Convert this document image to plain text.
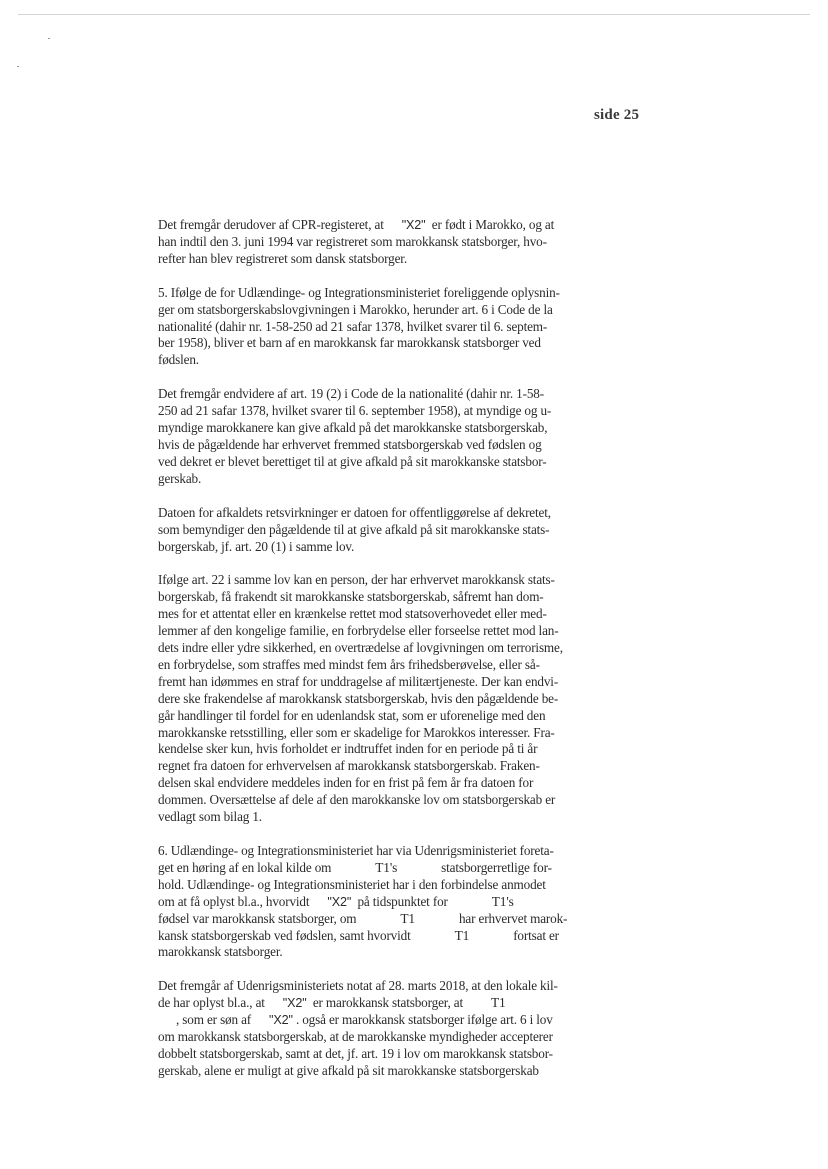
side 25

Det fremgår derudover af CPR-registeret, at "X2" er født i Marokko, og at
han indtil den 3. juni 1994 var registreret som marokkansk statsborger, hvo-
refter han blev registreret som dansk statsborger.

5. Ifølge de for Udlændinge- og Integrationsministeriet foreliggende oplysnin-
ger om statsborgerskabslovgivningen i Marokko, herunder art. 6 i Code de la
nationalité (dahir nr. 1-58-250 ad 21 safar 1378, hvilket svarer til 6. septem-
ber 1958), bliver et barn af en marokkansk far marokkansk statsborger ved
fødslen.

Det fremgår endvidere af art. 19 (2) i Code de la nationalité (dahir nr. 1-58-
250 ad 21 safar 1378, hvilket svarer til 6. september 1958), at myndige og u-
myndige marokkanere kan give afkald på det marokkanske statsborgerskab,
hvis de pågældende har erhvervet fremmed statsborgerskab ved fødslen og
ved dekret er blevet berettiget til at give afkald på sit marokkanske statsbor-
gerskab.

Datoen for afkaldets retsvirkninger er datoen for offentliggørelse af dekretet,
som bemyndiger den pågældende til at give afkald på sit marokkanske stats-
borgerskab, jf. art. 20 (1) i samme lov.

Ifølge art. 22 i samme lov kan en person, der har erhvervet marokkansk stats-
borgerskab, få frakendt sit marokkanske statsborgerskab, såfremt han dom-
mes for et attentat eller en krænkelse rettet mod statsoverhovedet eller med-
lemmer af den kongelige familie, en forbrydelse eller forseelse rettet mod lan-
dets indre eller ydre sikkerhed, en overtrædelse af lovgivningen om terrorisme,
en forbrydelse, som straffes med mindst fem års frihedsberøvelse, eller så-
fremt han idømmes en straf for unddragelse af militærtjeneste. Der kan endvi-
dere ske frakendelse af marokkansk statsborgerskab, hvis den pågældende be-
går handlinger til fordel for en udenlandsk stat, som er uforenelige med den
marokkanske retsstilling, eller som er skadelige for Marokkos interesser. Fra-
kendelse sker kun, hvis forholdet er indtruffet inden for en periode på ti år
regnet fra datoen for erhvervelsen af marokkansk statsborgerskab. Fraken-
delsen skal endvidere meddeles inden for en frist på fem år fra datoen for
dommen. Oversættelse af dele af den marokkanske lov om statsborgerskab er
vedlagt som bilag 1.

6. Udlændinge- og Integrationsministeriet har via Udenrigsministeriet foreta-
get en høring af en lokal kilde om	T1's	statsborgerretlige for-
hold. Udlændinge- og Integrationsministeriet har i den forbindelse anmodet
om at få oplyst bl.a., hvorvidt "X2" på tidspunktet for	T1's
fødsel var marokkansk statsborger, om	T1	har erhvervet marok-
kansk statsborgerskab ved fødslen, samt hvorvidt	T1	fortsat er
marokkansk statsborger.

Det fremgår af Udenrigsministeriets notat af 28. marts 2018, at den lokale kil-
de har oplyst bl.a., at "X2" er marokkansk statsborger, at T1
, som er søn af "X2" . også er marokkansk statsborger ifølge art. 6 i lov
om marokkansk statsborgerskab, at de marokkanske myndigheder accepterer
dobbelt statsborgerskab, samt at det, jf. art. 19 i lov om marokkansk statsbor-
gerskab, alene er muligt at give afkald på sit marokkanske statsborgerskab
